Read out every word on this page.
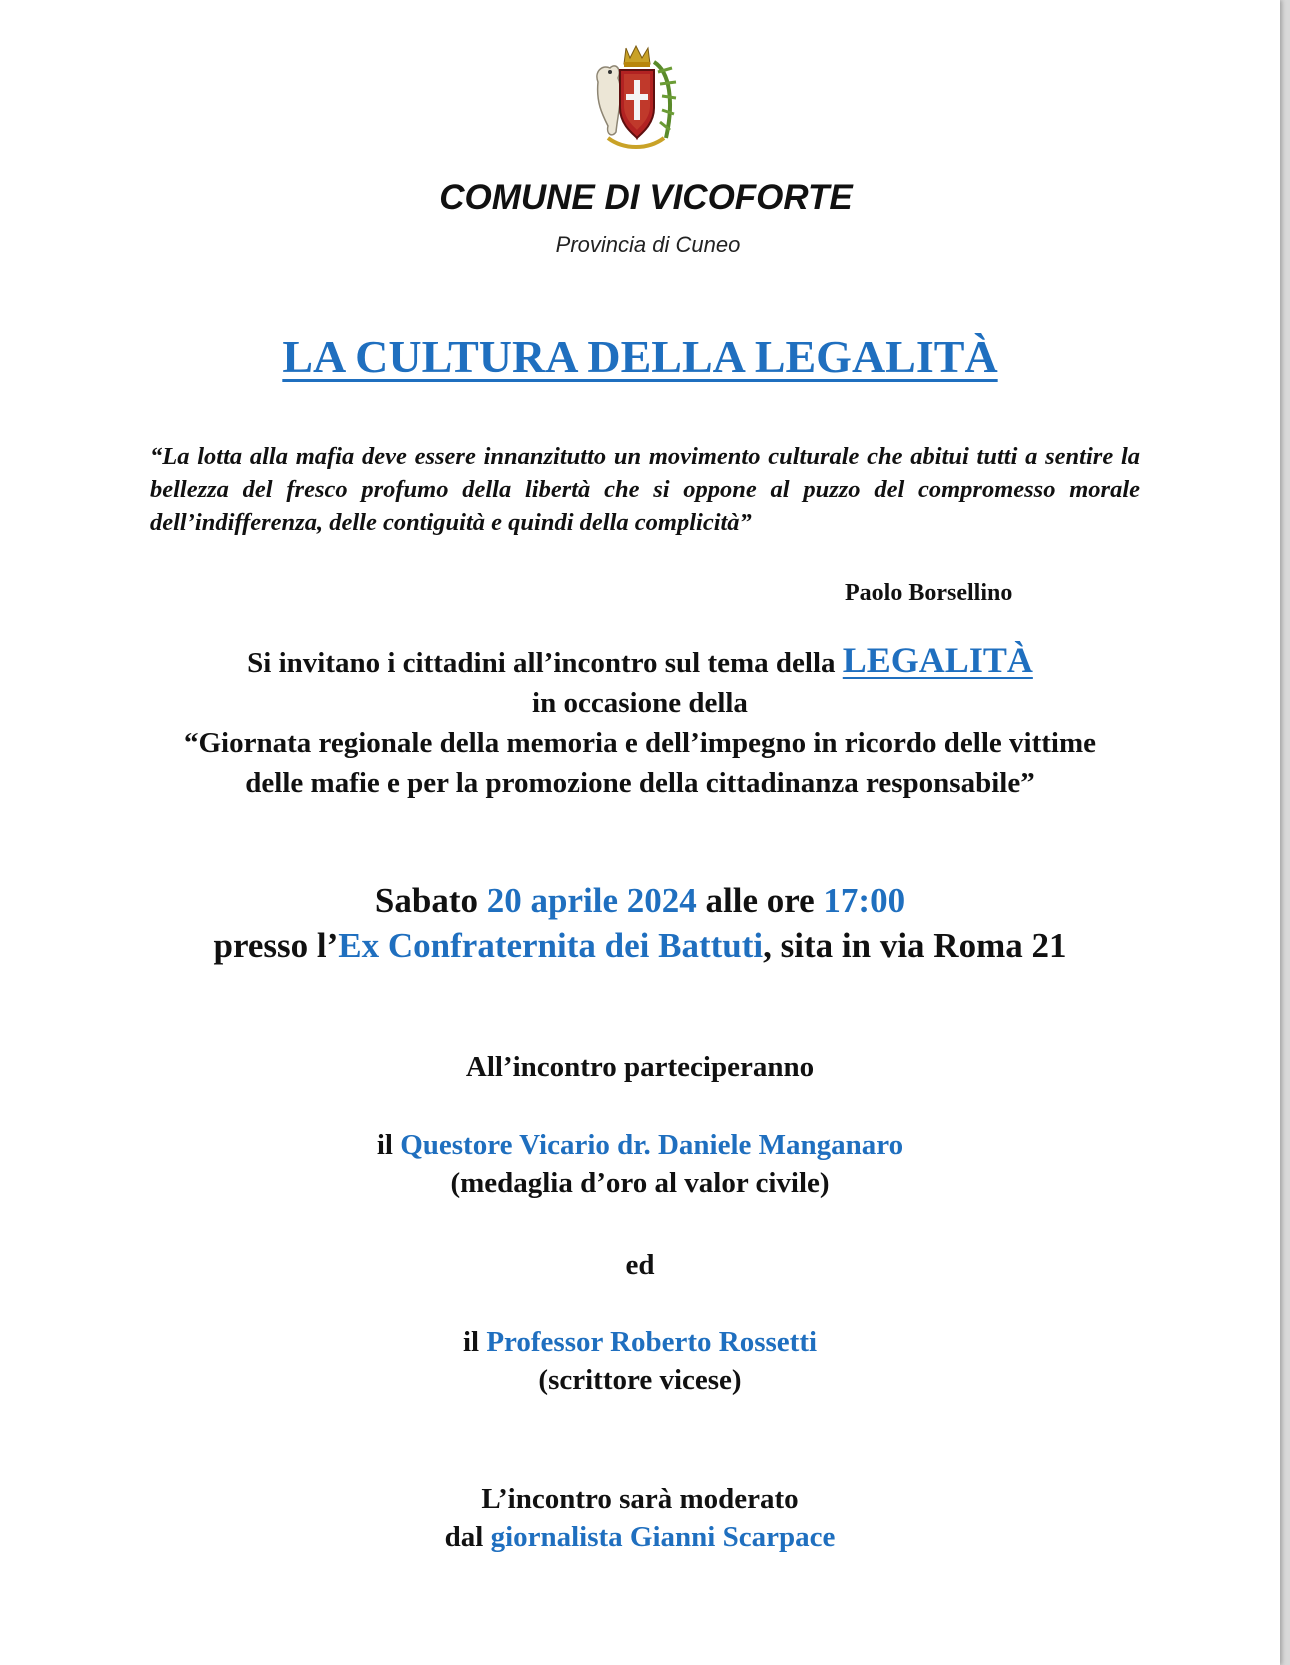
COMUNE DI VICOFORTE
Provincia di Cuneo
LA CULTURA DELLA LEGALITÀ
“La lotta alla mafia deve essere innanzitutto un movimento culturale che abitui tutti a sentire la bellezza del fresco profumo della libertà che si oppone al puzzo del compromesso morale dell’indifferenza, delle contiguità e quindi della complicità”
Paolo Borsellino
Si invitano i cittadini all’incontro sul tema della LEGALITÀ
in occasione della
“Giornata regionale della memoria e dell’impegno in ricordo delle vittime
delle mafie e per la promozione della cittadinanza responsabile”
Sabato 20 aprile 2024 alle ore 17:00
presso l’Ex Confraternita dei Battuti, sita in via Roma 21
All’incontro parteciperanno
il Questore Vicario dr. Daniele Manganaro
(medaglia d’oro al valor civile)
ed
il Professor Roberto Rossetti
(scrittore vicese)
L’incontro sarà moderato
dal giornalista Gianni Scarpace
